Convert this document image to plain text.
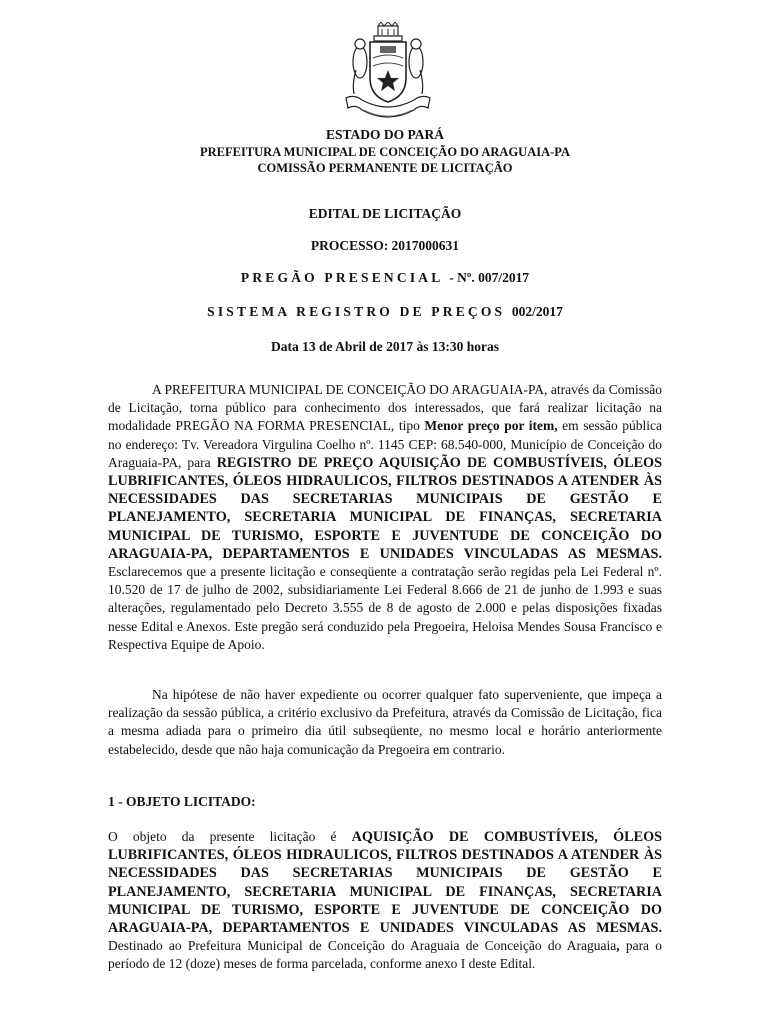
ESTADO DO PARÁ
PREFEITURA MUNICIPAL DE CONCEIÇÃO DO ARAGUAIA-PA
COMISSÃO PERMANENTE DE LICITAÇÃO
EDITAL DE LICITAÇÃO
PROCESSO: 2017000631
PREGÃO PRESENCIAL - Nº. 007/2017
SISTEMA REGISTRO DE PREÇOS 002/2017
Data 13 de Abril de 2017 às 13:30 horas

A PREFEITURA MUNICIPAL DE CONCEIÇÃO DO ARAGUAIA-PA, através da Comissão de Licitação, torna público para conhecimento dos interessados, que fará realizar licitação na modalidade PREGÃO NA FORMA PRESENCIAL, tipo Menor preço por item, em sessão pública no endereço: Tv. Vereadora Virgulina Coelho nº. 1145 CEP: 68.540-000, Município de Conceição do Araguaia-PA, para REGISTRO DE PREÇO AQUISIÇÃO DE COMBUSTÍVEIS, ÓLEOS LUBRIFICANTES, ÓLEOS HIDRAULICOS, FILTROS DESTINADOS A ATENDER ÀS NECESSIDADES DAS SECRETARIAS MUNICIPAIS DE GESTÃO E PLANEJAMENTO, SECRETARIA MUNICIPAL DE FINANÇAS, SECRETARIA MUNICIPAL DE TURISMO, ESPORTE E JUVENTUDE DE CONCEIÇÃO DO ARAGUAIA-PA, DEPARTAMENTOS E UNIDADES VINCULADAS AS MESMAS. Esclarecemos que a presente licitação e conseqüente a contratação serão regidas pela Lei Federal nº. 10.520 de 17 de julho de 2002, subsidiariamente Lei Federal 8.666 de 21 de junho de 1.993 e suas alterações, regulamentado pelo Decreto 3.555 de 8 de agosto de 2.000 e pelas disposições fixadas nesse Edital e Anexos. Este pregão será conduzido pela Pregoeira, Heloisa Mendes Sousa Francisco e Respectiva Equipe de Apoio.

Na hipótese de não haver expediente ou ocorrer qualquer fato superveniente, que impeça a realização da sessão pública, a critério exclusivo da Prefeitura, através da Comissão de Licitação, fica a mesma adiada para o primeiro dia útil subseqüente, no mesmo local e horário anteriormente estabelecido, desde que não haja comunicação da Pregoeira em contrario.

1 - OBJETO LICITADO:

O objeto da presente licitação é AQUISIÇÃO DE COMBUSTÍVEIS, ÓLEOS LUBRIFICANTES, ÓLEOS HIDRAULICOS, FILTROS DESTINADOS A ATENDER ÀS NECESSIDADES DAS SECRETARIAS MUNICIPAIS DE GESTÃO E PLANEJAMENTO, SECRETARIA MUNICIPAL DE FINANÇAS, SECRETARIA MUNICIPAL DE TURISMO, ESPORTE E JUVENTUDE DE CONCEIÇÃO DO ARAGUAIA-PA, DEPARTAMENTOS E UNIDADES VINCULADAS AS MESMAS. Destinado ao Prefeitura Municipal de Conceição do Araguaia de Conceição do Araguaia, para o período de 12 (doze) meses de forma parcelada, conforme anexo I deste Edital.
